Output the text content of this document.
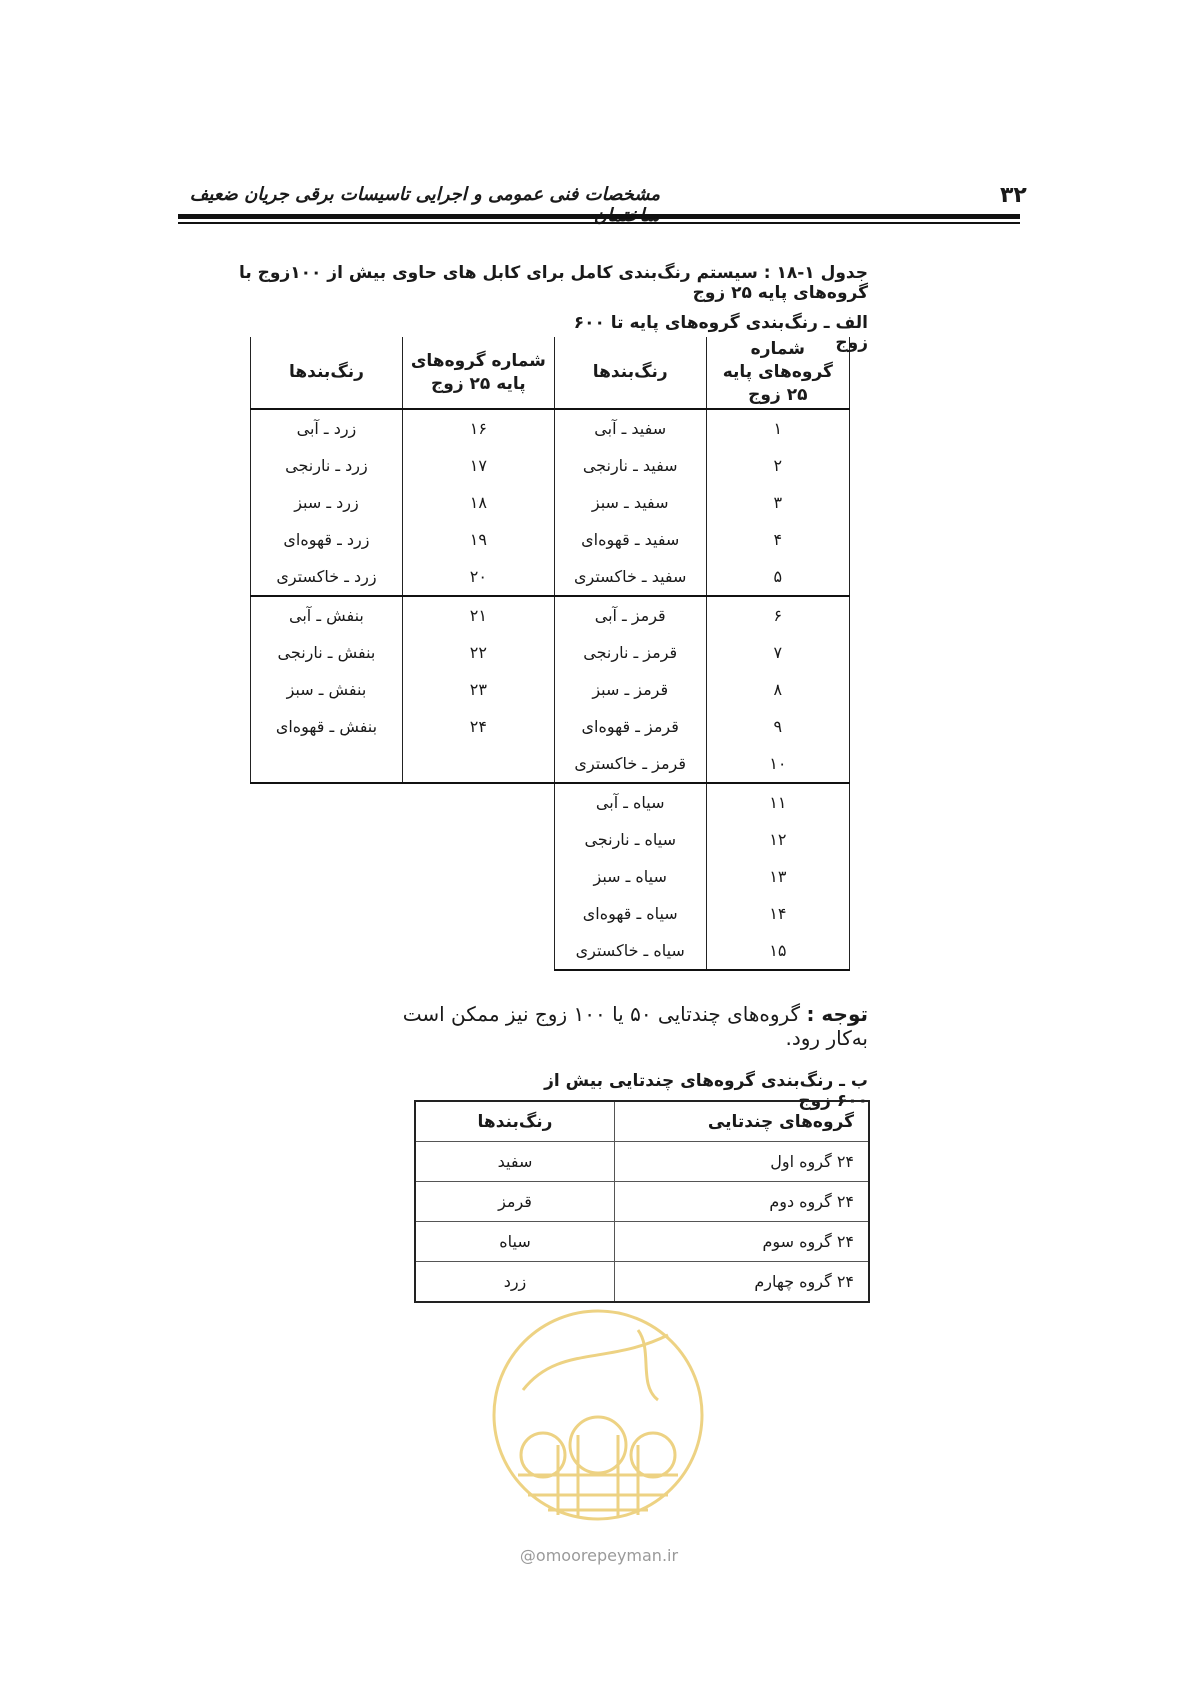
۳۲
مشخصات فنی عمومی و اجرایی تاسیسات برقی جریان ضعیف
جدول ۱-۱۸ : سیستم رنگ‌بندی کامل برای کابل های حاوی بیش از ۱۰۰زوج با گروه‌های پایه ۲۵ زوج
الف ـ رنگ‌بندی گروه‌های پایه تا ۶۰۰ زوج
شماره گروه‌های پایه ۲۵ زوج	رنگ‌بندها	شماره گروه‌های پایه ۲۵ زوج	رنگ‌بندها
۱	سفید ـ آبی	۱۶	زرد ـ آبی
۲	سفید ـ نارنجی	۱۷	زرد ـ نارنجی
۳	سفید ـ سبز	۱۸	زرد ـ سبز
۴	سفید ـ قهوه‌ای	۱۹	زرد ـ قهوه‌ای
۵	سفید ـ خاکستری	۲۰	زرد ـ خاکستری
۶	قرمز ـ آبی	۲۱	بنفش ـ آبی
۷	قرمز ـ نارنجی	۲۲	بنفش ـ نارنجی
۸	قرمز ـ سبز	۲۳	بنفش ـ سبز
۹	قرمز ـ قهوه‌ای	۲۴	بنفش ـ قهوه‌ای
۱۰	قرمز ـ خاکستری		
۱۱	سیاه ـ آبی		
۱۲	سیاه ـ نارنجی		
۱۳	سیاه ـ سبز		
۱۴	سیاه ـ قهوه‌ای		
۱۵	سیاه ـ خاکستری		
توجه : گروه‌های چندتایی ۵۰ یا ۱۰۰ زوج نیز ممکن است به‌کار رود.
ب ـ رنگ‌بندی گروه‌های چندتایی بیش از ۶۰۰ زوج
گروه‌های چندتایی	رنگ‌بندها
۲۴ گروه اول	سفید
۲۴ گروه دوم	قرمز
۲۴ گروه سوم	سیاه
۲۴ گروه چهارم	زرد
@omoorepeyman.ir
